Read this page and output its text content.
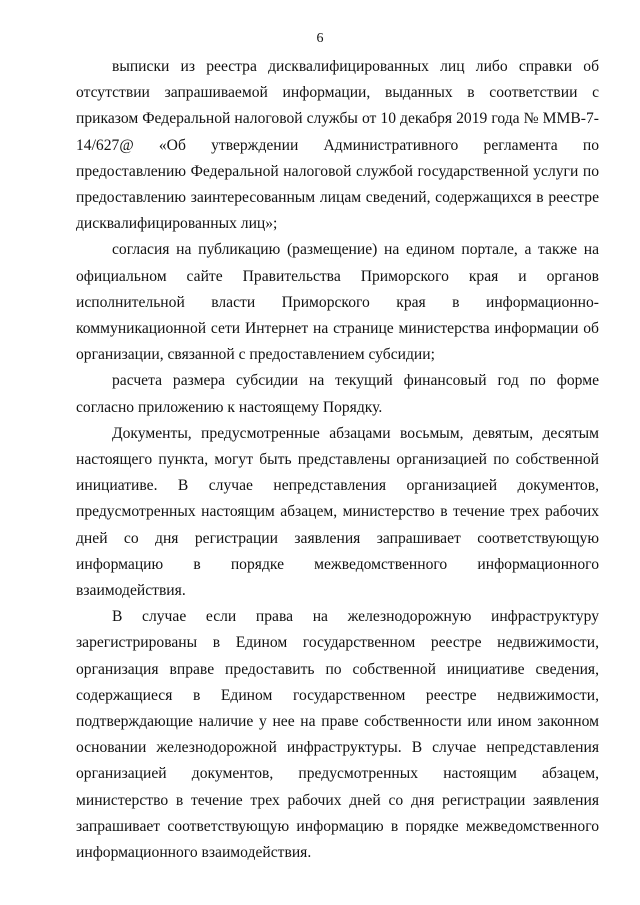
6

выписки из реестра дисквалифицированных лиц либо справки об отсутствии запрашиваемой информации, выданных в соответствии с приказом Федеральной налоговой службы от 10 декабря 2019 года № ММВ-7-14/627@ «Об утверждении Административного регламента по предоставлению Федеральной налоговой службой государственной услуги по предоставлению заинтересованным лицам сведений, содержащихся в реестре дисквалифицированных лиц»;

согласия на публикацию (размещение) на едином портале, а также на официальном сайте Правительства Приморского края и органов исполнительной власти Приморского края в информационно-коммуникационной сети Интернет на странице министерства информации об организации, связанной с предоставлением субсидии;

расчета размера субсидии на текущий финансовый год по форме согласно приложению к настоящему Порядку.

Документы, предусмотренные абзацами восьмым, девятым, десятым настоящего пункта, могут быть представлены организацией по собственной инициативе. В случае непредставления организацией документов, предусмотренных настоящим абзацем, министерство в течение трех рабочих дней со дня регистрации заявления запрашивает соответствующую информацию в порядке межведомственного информационного взаимодействия.

В случае если права на железнодорожную инфраструктуру зарегистрированы в Едином государственном реестре недвижимости, организация вправе предоставить по собственной инициативе сведения, содержащиеся в Едином государственном реестре недвижимости, подтверждающие наличие у нее на праве собственности или ином законном основании железнодорожной инфраструктуры. В случае непредставления организацией документов, предусмотренных настоящим абзацем, министерство в течение трех рабочих дней со дня регистрации заявления запрашивает соответствующую информацию в порядке межведомственного информационного взаимодействия.
